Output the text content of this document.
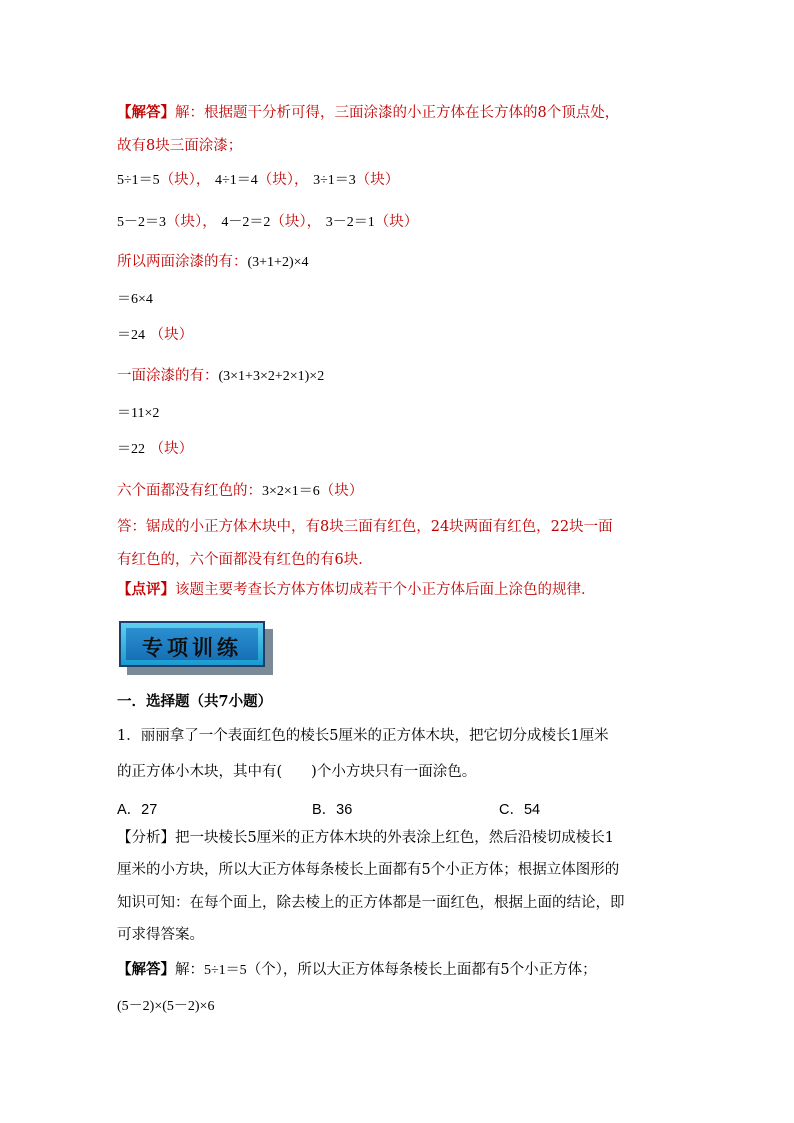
【解答】解：根据题干分析可得，三面涂漆的小正方体在长方体的8个顶点处，
故有8块三面涂漆；
5÷1＝5（块）， 4÷1＝4（块）， 3÷1＝3（块）
5－2＝3（块）， 4－2＝2（块）， 3－2＝1（块）
所以两面涂漆的有：(3+1+2)×4
＝6×4
＝24 （块）
一面涂漆的有：(3×1+3×2+2×1)×2
＝11×2
＝22 （块）
六个面都没有红色的：3×2×1＝6（块）
答：锯成的小正方体木块中，有8块三面有红色，24块两面有红色，22块一面
有红色的，六个面都没有红色的有6块．
【点评】该题主要考查长方体方体切成若干个小正方体后面上涂色的规律．
专项训练
一．选择题（共7小题）
1．丽丽拿了一个表面红色的棱长5厘米的正方体木块，把它切分成棱长1厘米
的正方体小木块，其中有(　　)个小方块只有一面涂色。
A．27	B．36	C．54
【分析】把一块棱长5厘米的正方体木块的外表涂上红色，然后沿棱切成棱长1
厘米的小方块，所以大正方体每条棱长上面都有5个小正方体；根据立体图形的
知识可知：在每个面上，除去棱上的正方体都是一面红色，根据上面的结论，即
可求得答案。
【解答】解：5÷1＝5（个），所以大正方体每条棱长上面都有5个小正方体；
(5－2)×(5－2)×6
